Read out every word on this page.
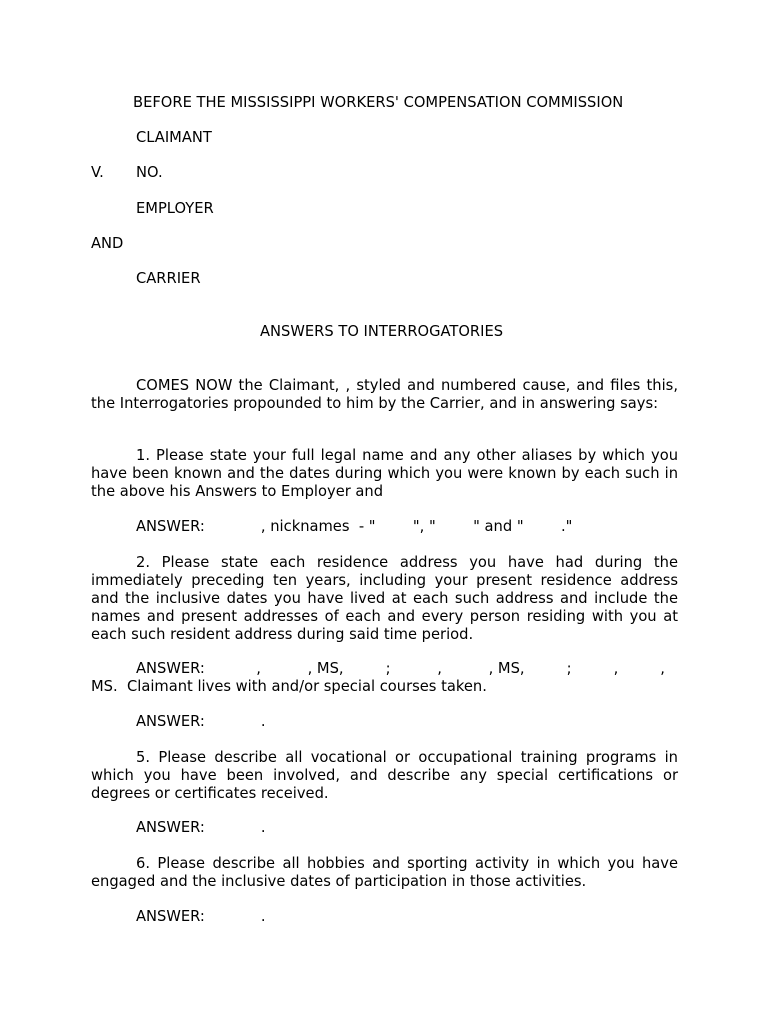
BEFORE THE MISSISSIPPI WORKERS' COMPENSATION COMMISSION
CLAIMANT
V. NO.
EMPLOYER
AND
CARRIER
ANSWERS TO INTERROGATORIES
COMES NOW the Claimant, , styled and numbered cause, and files this, the Interrogatories propounded to him by the Carrier, and in answering says:
1. Please state your full legal name and any other aliases by which you have been known and the dates during which you were known by each such in the above his Answers to Employer and
ANSWER:            , nicknames  - "        ", "        " and "        ."
2. Please state each residence address you have had during the immediately preceding ten years, including your present residence address and the inclusive dates you have lived at each such address and include the names and present addresses of each and every person residing with you at each such resident address during said time period.
ANSWER:           ,          , MS,         ;          ,          , MS,         ;         ,         ,
MS.  Claimant lives with and/or special courses taken.
ANSWER:            .
5. Please describe all vocational or occupational training programs in which you have been involved, and describe any special certifications or degrees or certificates received.
ANSWER:            .
6. Please describe all hobbies and sporting activity in which you have engaged and the inclusive dates of participation in those activities.
ANSWER:            .
